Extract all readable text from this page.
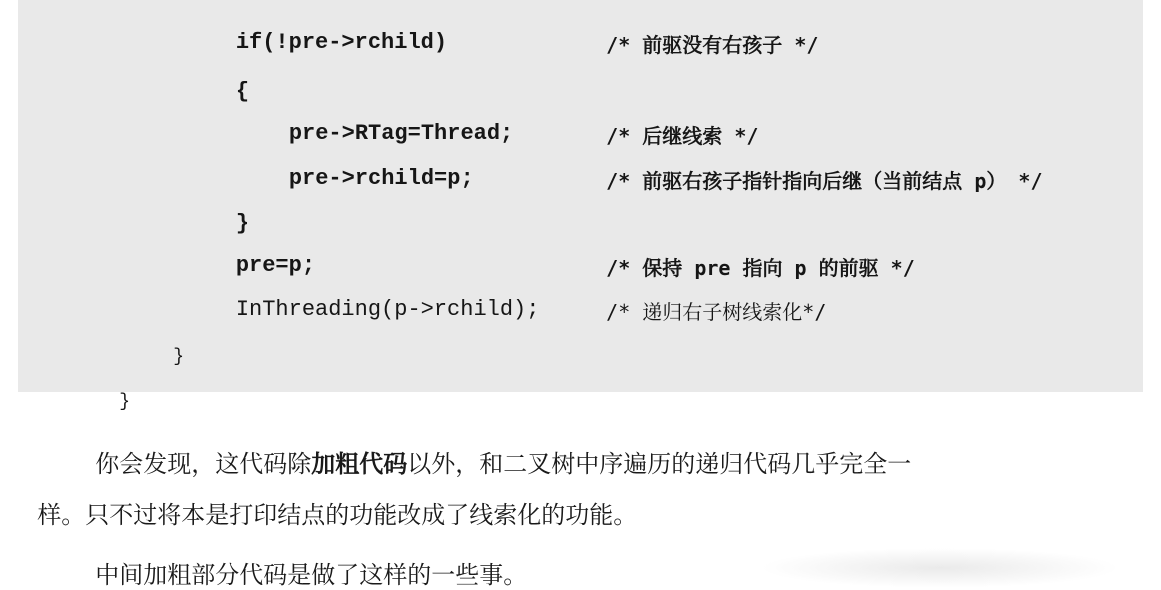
if(!pre->rchild)
	/* 前驱没有右孩子 */

{

pre->RTag=Thread;
	/* 后继线索 */

pre->rchild=p;
	/* 前驱右孩子指针指向后继（当前结点 p） */

}

pre=p;
	/* 保持 pre 指向 p 的前驱 */

InThreading(p->rchild);
	/* 递归右子树线索化*/

}

}

你会发现，这代码除加粗代码以外，和二叉树中序遍历的递归代码几乎完全一

样。只不过将本是打印结点的功能改成了线索化的功能。

中间加粗部分代码是做了这样的一些事。
